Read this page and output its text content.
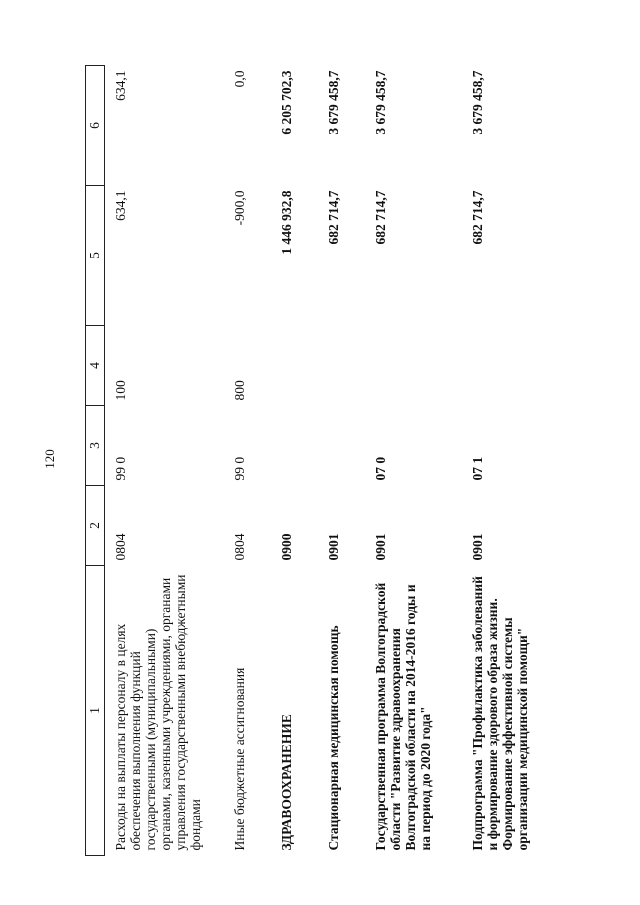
120
1	2	3	4	5	6
Расходы на выплаты персоналу в целях обеспечения выполнения функций государственными (муниципальными) органами, казенными учреждениями, органами управления государственными внебюджетными фондами	0804	99 0	100	634,1	634,1
Иные бюджетные ассигнования	0804	99 0	800	-900,0	0,0
ЗДРАВООХРАНЕНИЕ	0900			1 446 932,8	6 205 702,3
Стационарная медицинская помощь	0901			682 714,7	3 679 458,7
Государственная программа Волгоградской области "Развитие здравоохранения Волгоградской области на 2014-2016 годы и на период до 2020 года"	0901	07 0		682 714,7	3 679 458,7
Подпрограмма "Профилактика заболеваний и формирование здорового образа жизни. Формирование эффективной системы организации медицинской помощи"	0901	07 1		682 714,7	3 679 458,7
